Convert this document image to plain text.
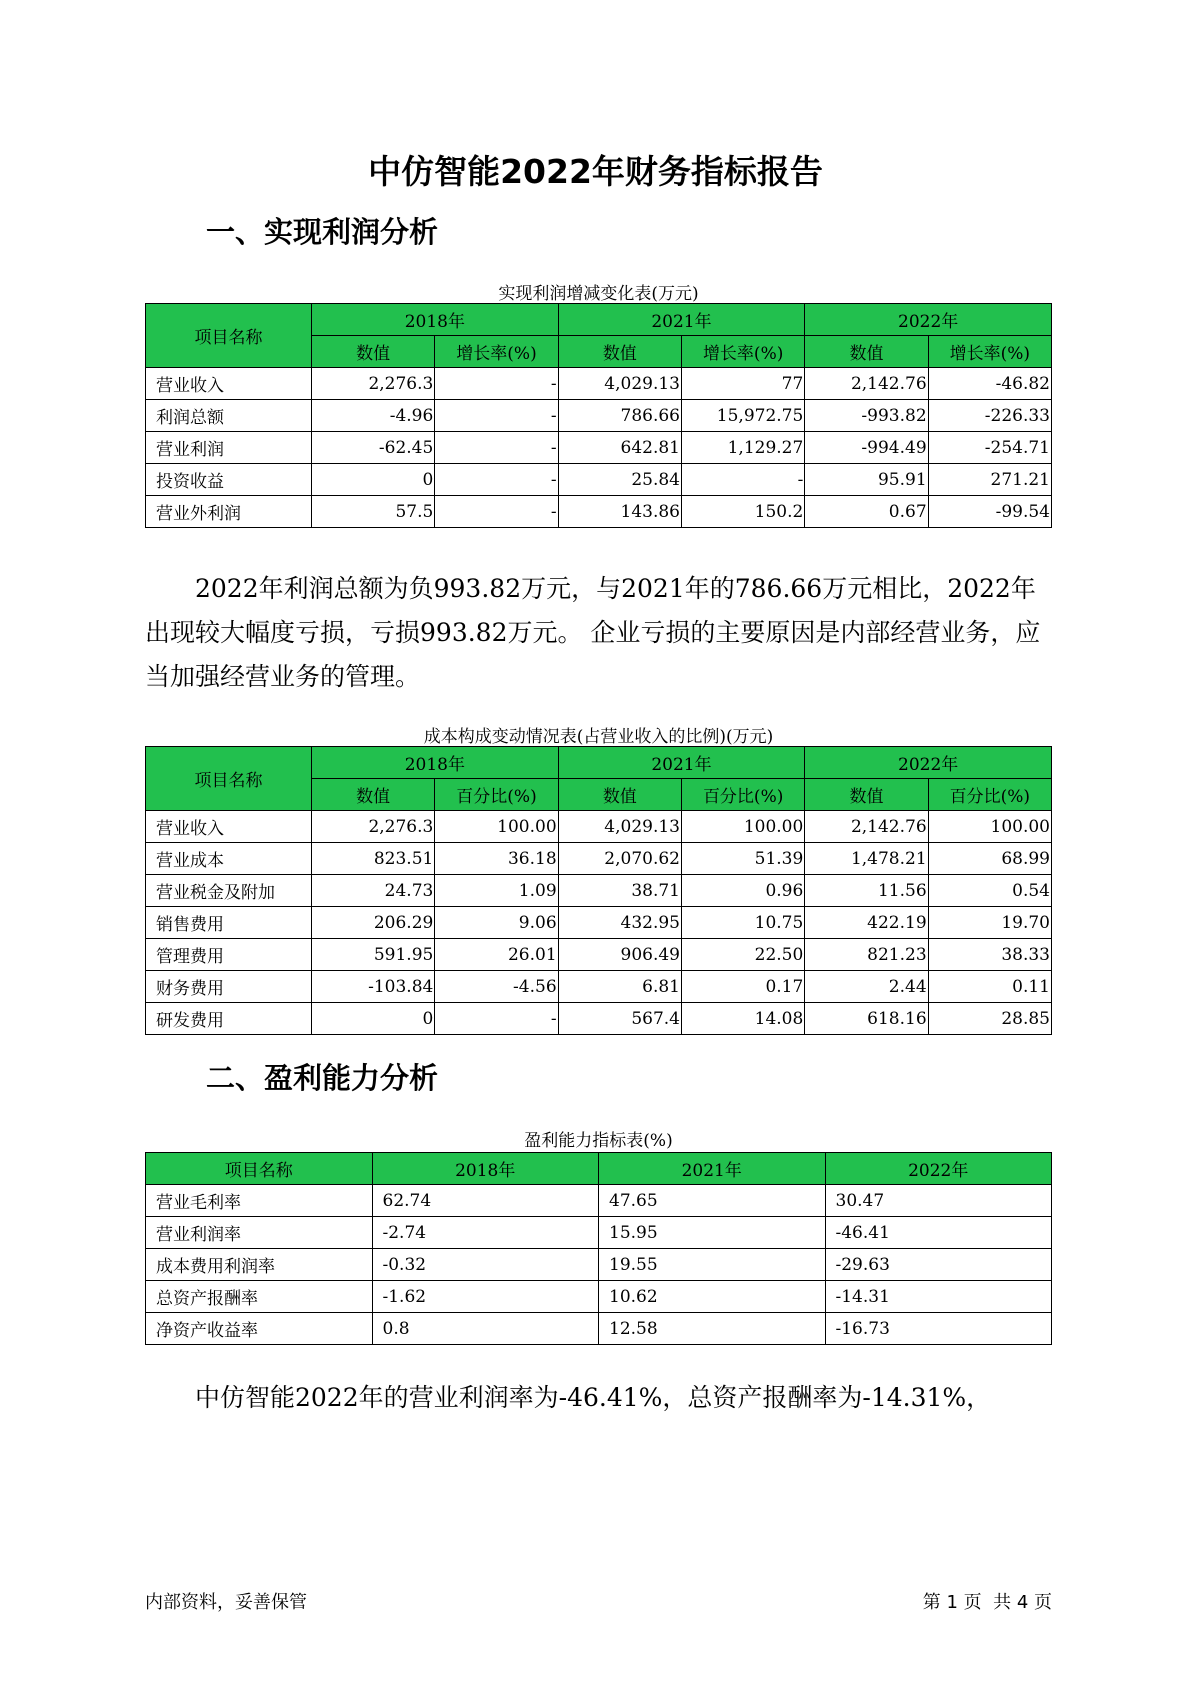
中仿智能2022年财务指标报告
一、实现利润分析
实现利润增减变化表(万元)
项目名称	2018年		2021年		2022年	
	数值	增长率(%)	数值	增长率(%)	数值	增长率(%)
营业收入	2,276.3	-	4,029.13	77	2,142.76	-46.82
利润总额	-4.96	-	786.66	15,972.75	-993.82	-226.33
营业利润	-62.45	-	642.81	1,129.27	-994.49	-254.71
投资收益	0	-	25.84	-	95.91	271.21
营业外利润	57.5	-	143.86	150.2	0.67	-99.54

2022年利润总额为负993.82万元，与2021年的786.66万元相比，2022年出现较大幅度亏损，亏损993.82万元。 企业亏损的主要原因是内部经营业务，应当加强经营业务的管理。

成本构成变动情况表(占营业收入的比例)(万元)
项目名称	2018年		2021年		2022年	
	数值	百分比(%)	数值	百分比(%)	数值	百分比(%)
营业收入	2,276.3	100.00	4,029.13	100.00	2,142.76	100.00
营业成本	823.51	36.18	2,070.62	51.39	1,478.21	68.99
营业税金及附加	24.73	1.09	38.71	0.96	11.56	0.54
销售费用	206.29	9.06	432.95	10.75	422.19	19.70
管理费用	591.95	26.01	906.49	22.50	821.23	38.33
财务费用	-103.84	-4.56	6.81	0.17	2.44	0.11
研发费用	0	-	567.4	14.08	618.16	28.85
二、盈利能力分析
盈利能力指标表(%)
项目名称	2018年	2021年	2022年
营业毛利率	62.74	47.65	30.47
营业利润率	-2.74	15.95	-46.41
成本费用利润率	-0.32	19.55	-29.63
总资产报酬率	-1.62	10.62	-14.31
净资产收益率	0.8	12.58	-16.73

中仿智能2022年的营业利润率为-46.41%，总资产报酬率为-14.31%，

内部资料，妥善保管	第 1 页  共 4 页
